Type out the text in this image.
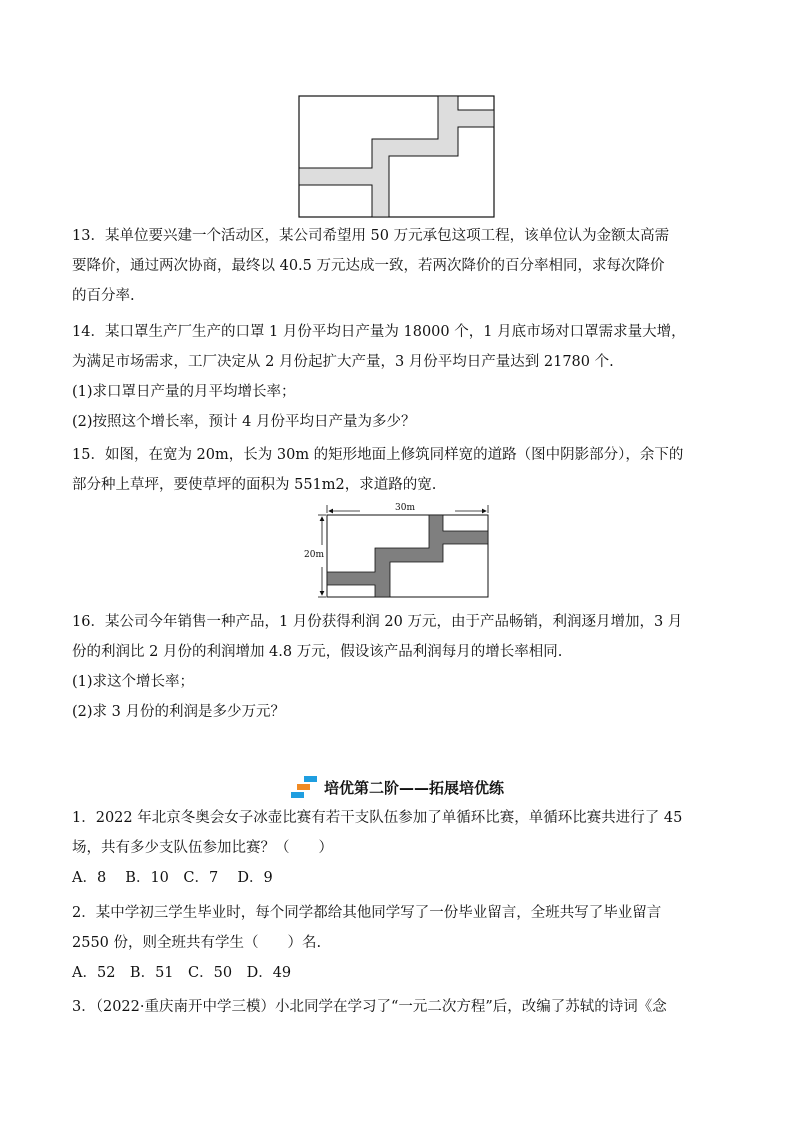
13．某单位要兴建一个活动区，某公司希望用 50 万元承包这项工程，该单位认为金额太高需
要降价，通过两次协商，最终以 40.5 万元达成一致，若两次降价的百分率相同，求每次降价
的百分率.
14．某口罩生产厂生产的口罩 1 月份平均日产量为 18000 个，1 月底市场对口罩需求量大增，
为满足市场需求，工厂决定从 2 月份起扩大产量，3 月份平均日产量达到 21780 个.
(1)求口罩日产量的月平均增长率；
(2)按照这个增长率，预计 4 月份平均日产量为多少？
15．如图，在宽为 20m，长为 30m 的矩形地面上修筑同样宽的道路（图中阴影部分），余下的
部分种上草坪，要使草坪的面积为 551m2，求道路的宽.
30m
20m
16．某公司今年销售一种产品，1 月份获得利润 20 万元，由于产品畅销，利润逐月增加，3 月
份的利润比 2 月份的利润增加 4.8 万元，假设该产品利润每月的增长率相同.
(1)求这个增长率；
(2)求 3 月份的利润是多少万元？
培优第二阶——拓展培优练
1．2022 年北京冬奥会女子冰壶比赛有若干支队伍参加了单循环比赛，单循环比赛共进行了 45
场，共有多少支队伍参加比赛？（　　）
A．8　 B．10　C．7　 D．9
2．某中学初三学生毕业时，每个同学都给其他同学写了一份毕业留言，全班共写了毕业留言
2550 份，则全班共有学生（　　）名.
A．52　B．51　C．50　D．49
3．（2022·重庆南开中学三模）小北同学在学习了“一元二次方程”后，改编了苏轼的诗词《念
